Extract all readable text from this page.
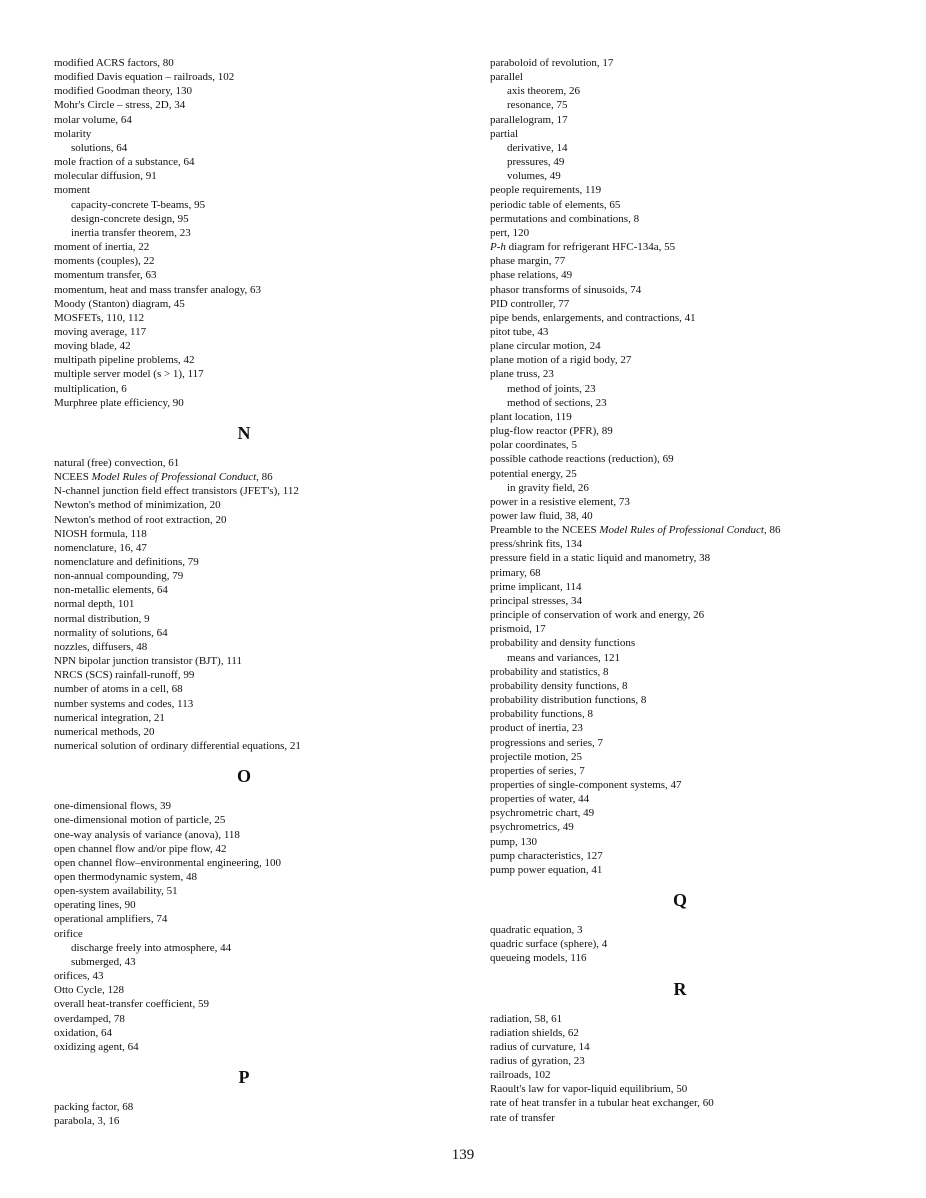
modified ACRS factors, 80
modified Davis equation – railroads, 102
modified Goodman theory, 130
Mohr's Circle – stress, 2D, 34
molar volume, 64
molarity
solutions, 64
mole fraction of a substance, 64
molecular diffusion, 91
moment
capacity-concrete T-beams, 95
design-concrete design, 95
inertia transfer theorem, 23
moment of inertia, 22
moments (couples), 22
momentum transfer, 63
momentum, heat and mass transfer analogy, 63
Moody (Stanton) diagram, 45
MOSFETs, 110, 112
moving average, 117
moving blade, 42
multipath pipeline problems, 42
multiple server model (s > 1), 117
multiplication, 6
Murphree plate efficiency, 90
N
natural (free) convection, 61
NCEES Model Rules of Professional Conduct, 86
N-channel junction field effect transistors (JFET's), 112
Newton's method of minimization, 20
Newton's method of root extraction, 20
NIOSH formula, 118
nomenclature, 16, 47
nomenclature and definitions, 79
non-annual compounding, 79
non-metallic elements, 64
normal depth, 101
normal distribution, 9
normality of solutions, 64
nozzles, diffusers, 48
NPN bipolar junction transistor (BJT), 111
NRCS (SCS) rainfall-runoff, 99
number of atoms in a cell, 68
number systems and codes, 113
numerical integration, 21
numerical methods, 20
numerical solution of ordinary differential equations, 21
O
one-dimensional flows, 39
one-dimensional motion of particle, 25
one-way analysis of variance (anova), 118
open channel flow and/or pipe flow, 42
open channel flow–environmental engineering, 100
open thermodynamic system, 48
open-system availability, 51
operating lines, 90
operational amplifiers, 74
orifice
discharge freely into atmosphere, 44
submerged, 43
orifices, 43
Otto Cycle, 128
overall heat-transfer coefficient, 59
overdamped, 78
oxidation, 64
oxidizing agent, 64
P
packing factor, 68
parabola, 3, 16
paraboloid of revolution, 17
parallel
axis theorem, 26
resonance, 75
parallelogram, 17
partial
derivative, 14
pressures, 49
volumes, 49
people requirements, 119
periodic table of elements, 65
permutations and combinations, 8
pert, 120
P-h diagram for refrigerant HFC-134a, 55
phase margin, 77
phase relations, 49
phasor transforms of sinusoids, 74
PID controller, 77
pipe bends, enlargements, and contractions, 41
pitot tube, 43
plane circular motion, 24
plane motion of a rigid body, 27
plane truss, 23
method of joints, 23
method of sections, 23
plant location, 119
plug-flow reactor (PFR), 89
polar coordinates, 5
possible cathode reactions (reduction), 69
potential energy, 25
in gravity field, 26
power in a resistive element, 73
power law fluid, 38, 40
Preamble to the NCEES Model Rules of Professional Conduct, 86
press/shrink fits, 134
pressure field in a static liquid and manometry, 38
primary, 68
prime implicant, 114
principal stresses, 34
principle of conservation of work and energy, 26
prismoid, 17
probability and density functions
means and variances, 121
probability and statistics, 8
probability density functions, 8
probability distribution functions, 8
probability functions, 8
product of inertia, 23
progressions and series, 7
projectile motion, 25
properties of series, 7
properties of single-component systems, 47
properties of water, 44
psychrometric chart, 49
psychrometrics, 49
pump, 130
pump characteristics, 127
pump power equation, 41
Q
quadratic equation, 3
quadric surface (sphere), 4
queueing models, 116
R
radiation, 58, 61
radiation shields, 62
radius of curvature, 14
radius of gyration, 23
railroads, 102
Raoult's law for vapor-liquid equilibrium, 50
rate of heat transfer in a tubular heat exchanger, 60
rate of transfer
139
